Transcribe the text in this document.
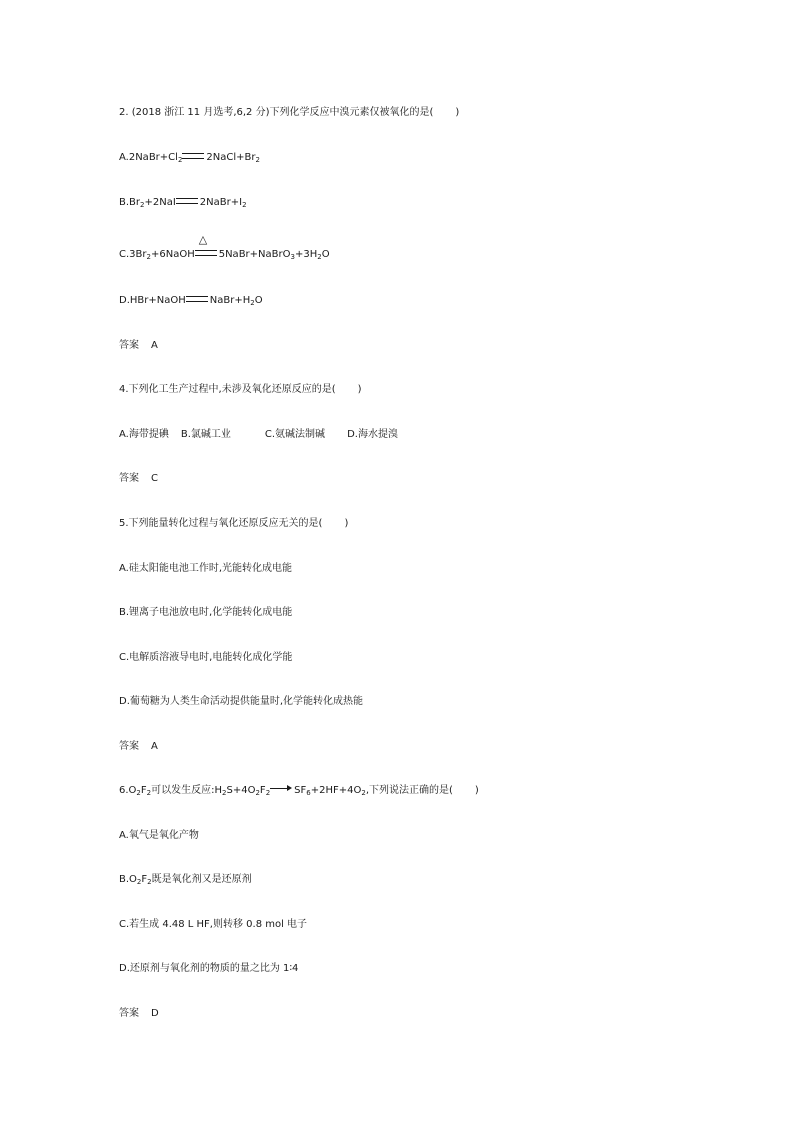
2. (2018 浙江 11 月选考,6,2 分)下列化学反应中溴元素仅被氧化的是( )
$A.2NaBr+Cl_2$ $2NaCl+Br_2$
$B.Br_2+2NaI$ $2NaBr+I_2$
$C.3Br_2+6NaOH$
△
$5NaBr+NaBrO_3+3H_2O$
D.HBr+NaOH $NaBr+H_2O$
答案 A
4.下列化工生产过程中,未涉及氧化还原反应的是( )
A.海带提碘 B.氯碱工业	C.氨碱法制碱 D.海水提溴
答案 C
5.下列能量转化过程与氧化还原反应无关的是( )
A.硅太阳能电池工作时,光能转化成电能
B.锂离子电池放电时,化学能转化成电能
C.电解质溶液导电时,电能转化成化学能
D.葡萄糖为人类生命活动提供能量时,化学能转化成热能
答案 A
$6.O_2F_2$可以发生反应$:H_2S+4O_2F_2$ $SF_6+2HF+4O_2$,下列说法正确的是( )
A.氧气是氧化产物
$B.O_2F_2$既是氧化剂又是还原剂
C.若生成 4.48 L HF,则转移 0.8 mol 电子
D.还原剂与氧化剂的物质的量之比为 1∶4
答案 D
